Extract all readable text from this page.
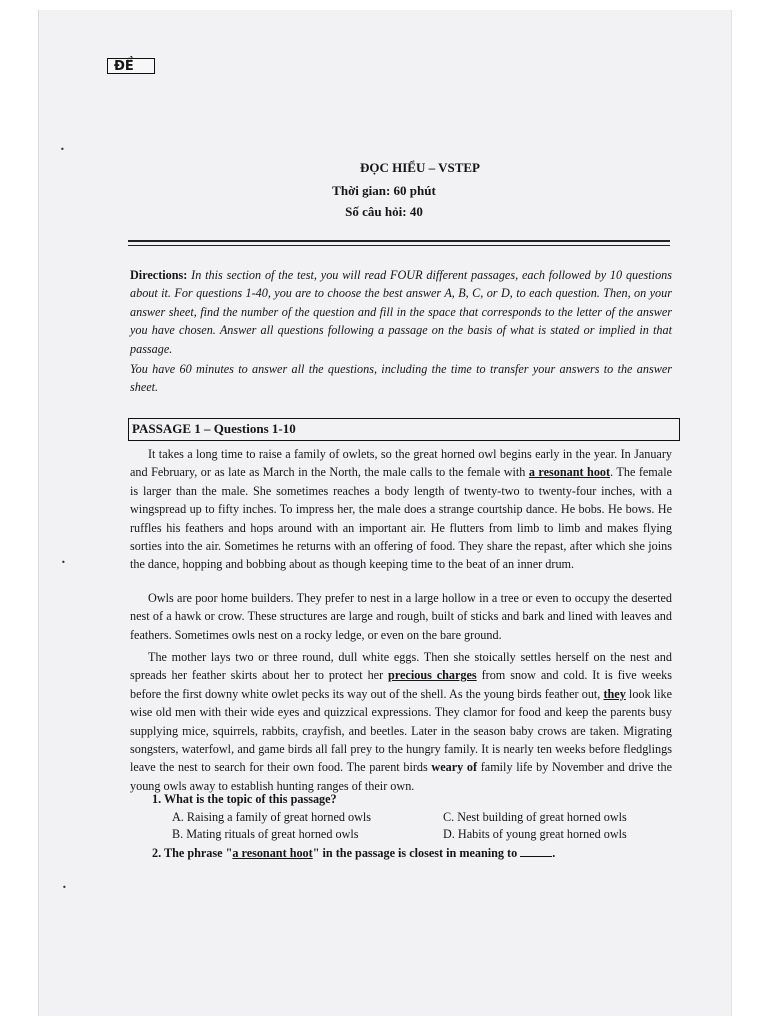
ĐỀ
ĐỌC HIỂU – VSTEP
Thời gian: 60 phút
Số câu hỏi: 40

Directions: In this section of the test, you will read FOUR different passages, each followed by 10 questions about it. For questions 1-40, you are to choose the best answer A, B, C, or D, to each question. Then, on your answer sheet, find the number of the question and fill in the space that corresponds to the letter of the answer you have chosen. Answer all questions following a passage on the basis of what is stated or implied in that passage.

You have 60 minutes to answer all the questions, including the time to transfer your answers to the answer sheet.

PASSAGE 1 – Questions 1-10

It takes a long time to raise a family of owlets, so the great horned owl begins early in the year. In January and February, or as late as March in the North, the male calls to the female with a resonant hoot. The female is larger than the male. She sometimes reaches a body length of twenty-two to twenty-four inches, with a wingspread up to fifty inches. To impress her, the male does a strange courtship dance. He bobs. He bows. He ruffles his feathers and hops around with an important air. He flutters from limb to limb and makes flying sorties into the air. Sometimes he returns with an offering of food. They share the repast, after which she joins the dance, hopping and bobbing about as though keeping time to the beat of an inner drum.

Owls are poor home builders. They prefer to nest in a large hollow in a tree or even to occupy the deserted nest of a hawk or crow. These structures are large and rough, built of sticks and bark and lined with leaves and feathers. Sometimes owls nest on a rocky ledge, or even on the bare ground.

The mother lays two or three round, dull white eggs. Then she stoically settles herself on the nest and spreads her feather skirts about her to protect her precious charges from snow and cold. It is five weeks before the first downy white owlet pecks its way out of the shell. As the young birds feather out, they look like wise old men with their wide eyes and quizzical expressions. They clamor for food and keep the parents busy supplying mice, squirrels, rabbits, crayfish, and beetles. Later in the season baby crows are taken. Migrating songsters, waterfowl, and game birds all fall prey to the hungry family. It is nearly ten weeks before fledglings leave the nest to search for their own food. The parent birds weary of family life by November and drive the young owls away to establish hunting ranges of their own.

1. What is the topic of this passage?
A. Raising a family of great horned owls
B. Mating rituals of great horned owls
C. Nest building of great horned owls
D. Habits of young great horned owls
2. The phrase "a resonant hoot" in the passage is closest in meaning to	.
•
•
•
